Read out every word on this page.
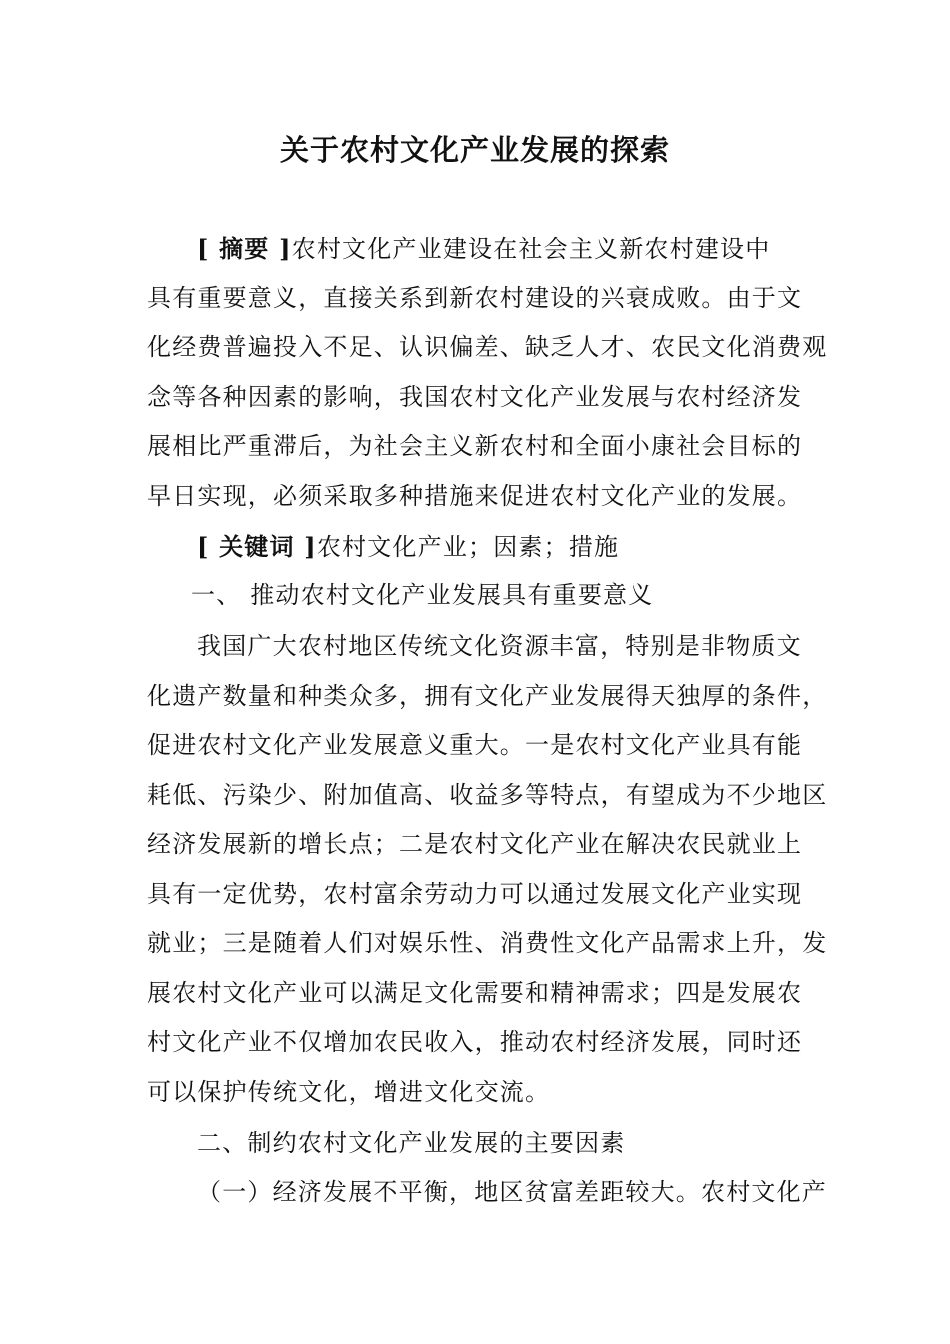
关于农村文化产业发展的探索
[ 摘要 ]农村文化产业建设在社会主义新农村建设中
具有重要意义，直接关系到新农村建设的兴衰成败。由于文
化经费普遍投入不足、认识偏差、缺乏人才、农民文化消费观
念等各种因素的影响，我国农村文化产业发展与农村经济发
展相比严重滞后，为社会主义新农村和全面小康社会目标的
早日实现，必须采取多种措施来促进农村文化产业的发展。
[ 关键词 ]农村文化产业；因素；措施
一、 推动农村文化产业发展具有重要意义
我国广大农村地区传统文化资源丰富，特别是非物质文
化遗产数量和种类众多，拥有文化产业发展得天独厚的条件，
促进农村文化产业发展意义重大。一是农村文化产业具有能
耗低、污染少、附加值高、收益多等特点，有望成为不少地区
经济发展新的增长点；二是农村文化产业在解决农民就业上
具有一定优势，农村富余劳动力可以通过发展文化产业实现
就业；三是随着人们对娱乐性、消费性文化产品需求上升，发
展农村文化产业可以满足文化需要和精神需求；四是发展农
村文化产业不仅增加农民收入，推动农村经济发展，同时还
可以保护传统文化，增进文化交流。
二、制约农村文化产业发展的主要因素
（一）经济发展不平衡，地区贫富差距较大。农村文化产
